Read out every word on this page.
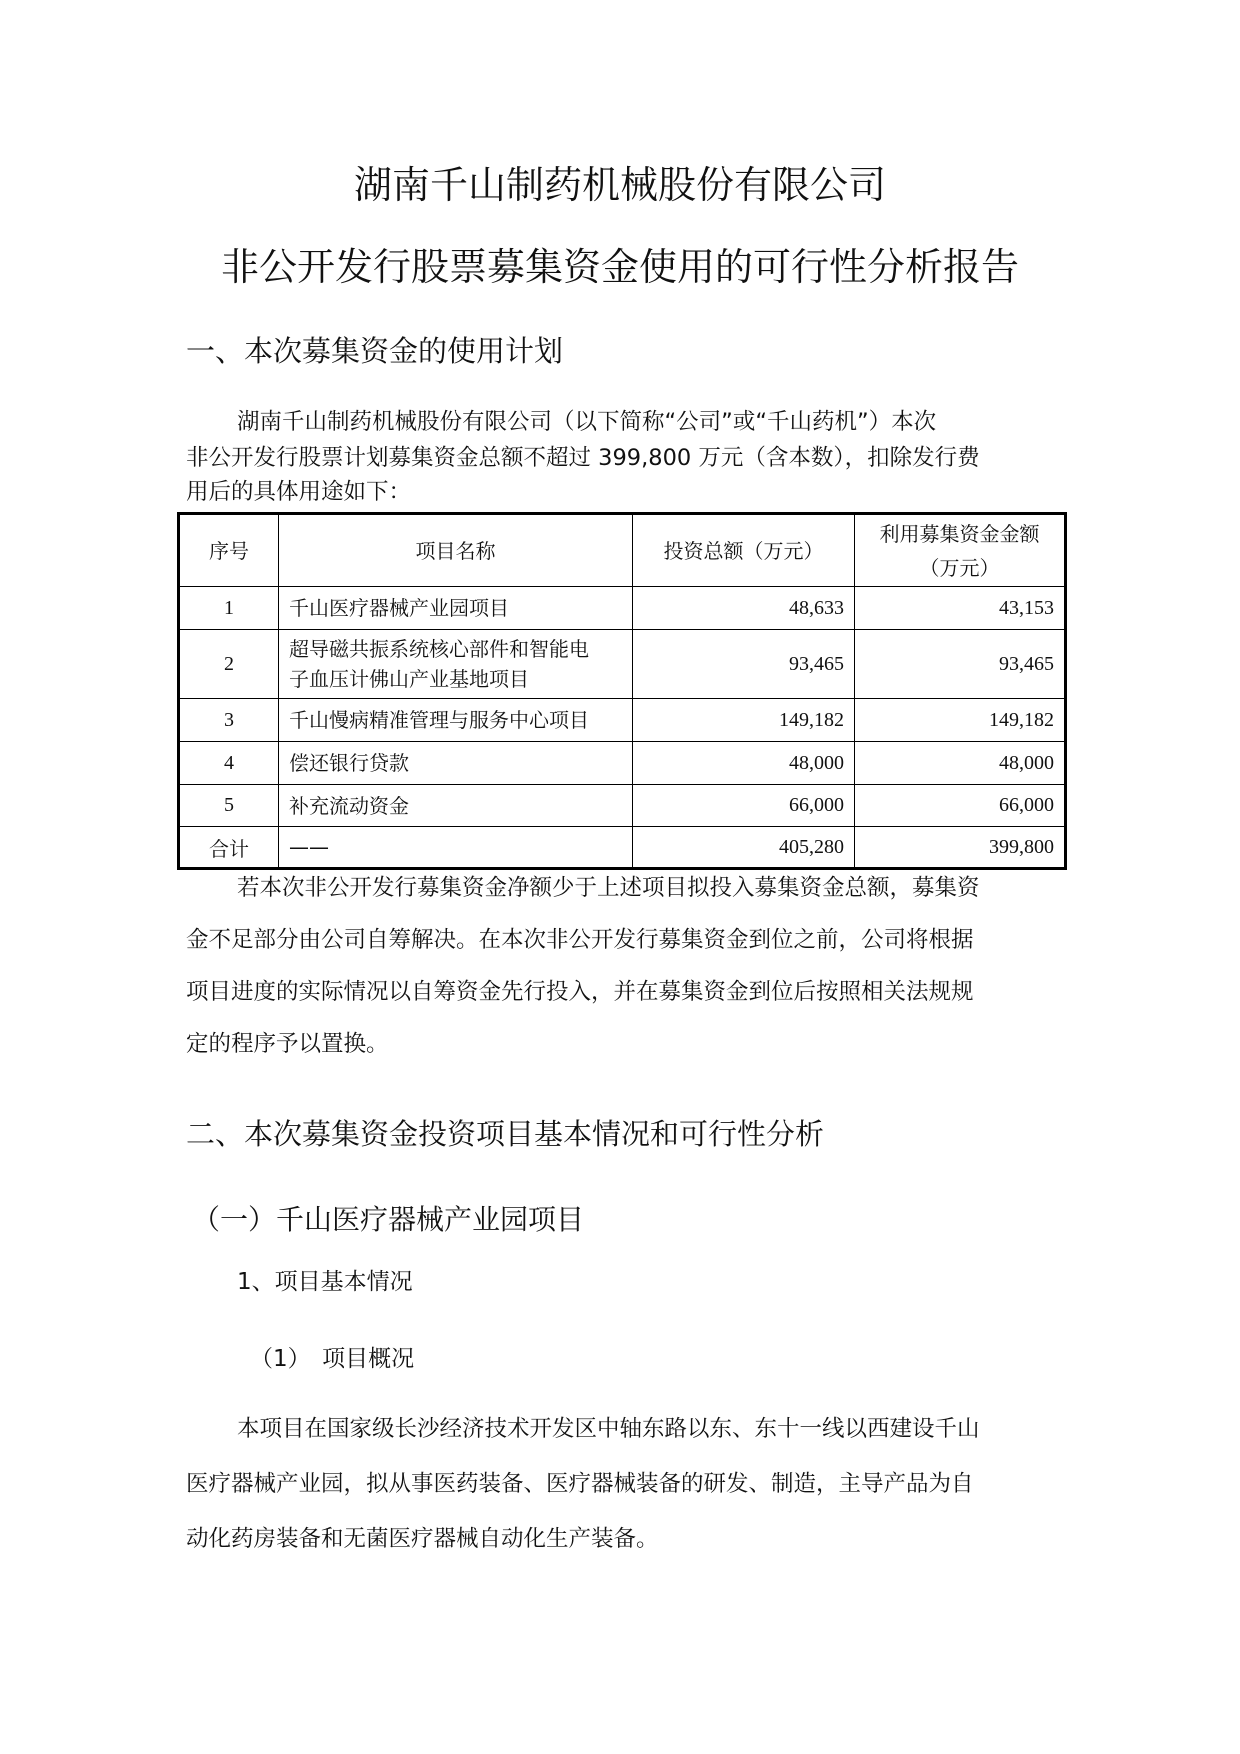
湖南千山制药机械股份有限公司
非公开发行股票募集资金使用的可行性分析报告
一、本次募集资金的使用计划
湖南千山制药机械股份有限公司（以下简称“公司”或“千山药机”）本次
非公开发行股票计划募集资金总额不超过 399,800 万元（含本数），扣除发行费
用后的具体用途如下：
序号	项目名称	投资总额（万元）	利用募集资金金额
（万元）

1	千山医疗器械产业园项目	48,633	43,153
2	超导磁共振系统核心部件和智能电
子血压计佛山产业基地项目	93,465	93,465
3	千山慢病精准管理与服务中心项目	149,182	149,182
4	偿还银行贷款	48,000	48,000
5	补充流动资金	66,000	66,000
合计	——	405,280	399,800
若本次非公开发行募集资金净额少于上述项目拟投入募集资金总额，募集资
金不足部分由公司自筹解决。在本次非公开发行募集资金到位之前，公司将根据
项目进度的实际情况以自筹资金先行投入，并在募集资金到位后按照相关法规规
定的程序予以置换。
二、本次募集资金投资项目基本情况和可行性分析
（一）千山医疗器械产业园项目
1、项目基本情况
（1）　项目概况
本项目在国家级长沙经济技术开发区中轴东路以东、东十一线以西建设千山
医疗器械产业园，拟从事医药装备、医疗器械装备的研发、制造，主导产品为自
动化药房装备和无菌医疗器械自动化生产装备。
